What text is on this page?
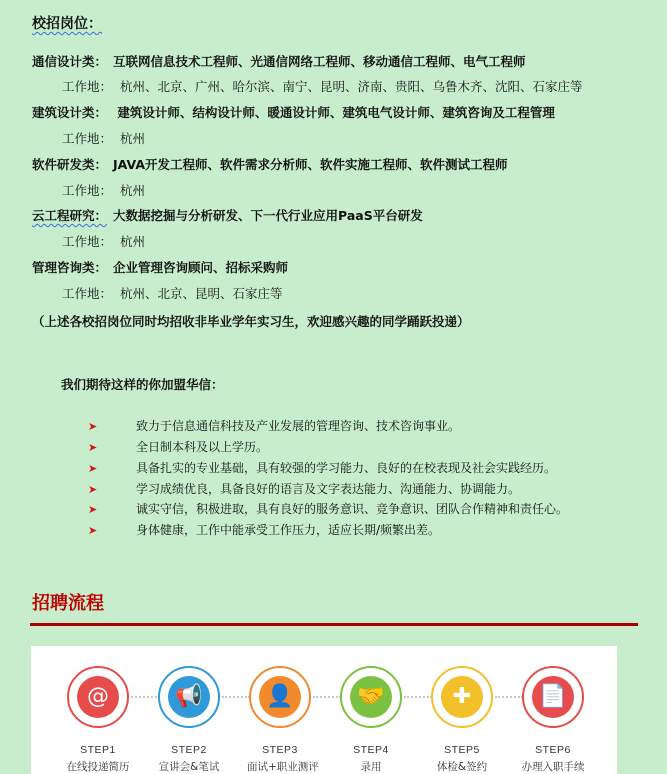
校招岗位：
通信设计类： 互联网信息技术工程师、光通信网络工程师、移动通信工程师、电气工程师
工作地： 杭州、北京、广州、哈尔滨、南宁、昆明、济南、贵阳、乌鲁木齐、沈阳、石家庄等
建筑设计类： 建筑设计师、结构设计师、暖通设计师、建筑电气设计师、建筑咨询及工程管理
工作地： 杭州
软件研发类： JAVA开发工程师、软件需求分析师、软件实施工程师、软件测试工程师
工作地： 杭州
云工程研究： 大数据挖掘与分析研发、下一代行业应用PaaS平台研发
工作地： 杭州
管理咨询类： 企业管理咨询顾问、招标采购师
工作地： 杭州、北京、昆明、石家庄等
（上述各校招岗位同时均招收非毕业学年实习生，欢迎感兴趣的同学踊跃投递）
我们期待这样的你加盟华信：
➤	致力于信息通信科技及产业发展的管理咨询、技术咨询事业。
➤	全日制本科及以上学历。
➤	具备扎实的专业基础，具有较强的学习能力、良好的在校表现及社会实践经历。
➤	学习成绩优良，具备良好的语言及文字表达能力、沟通能力、协调能力。
➤	诚实守信，积极进取，具有良好的服务意识、竞争意识、团队合作精神和责任心。
➤	身体健康，工作中能承受工作压力，适应长期/频繁出差。
招聘流程
@
STEP1
在线投递简历
📢
STEP2
宣讲会&笔试
👤
STEP3
面试+职业测评
🤝
STEP4
录用
✚
STEP5
体检&签约
📄
STEP6
办理入职手续
